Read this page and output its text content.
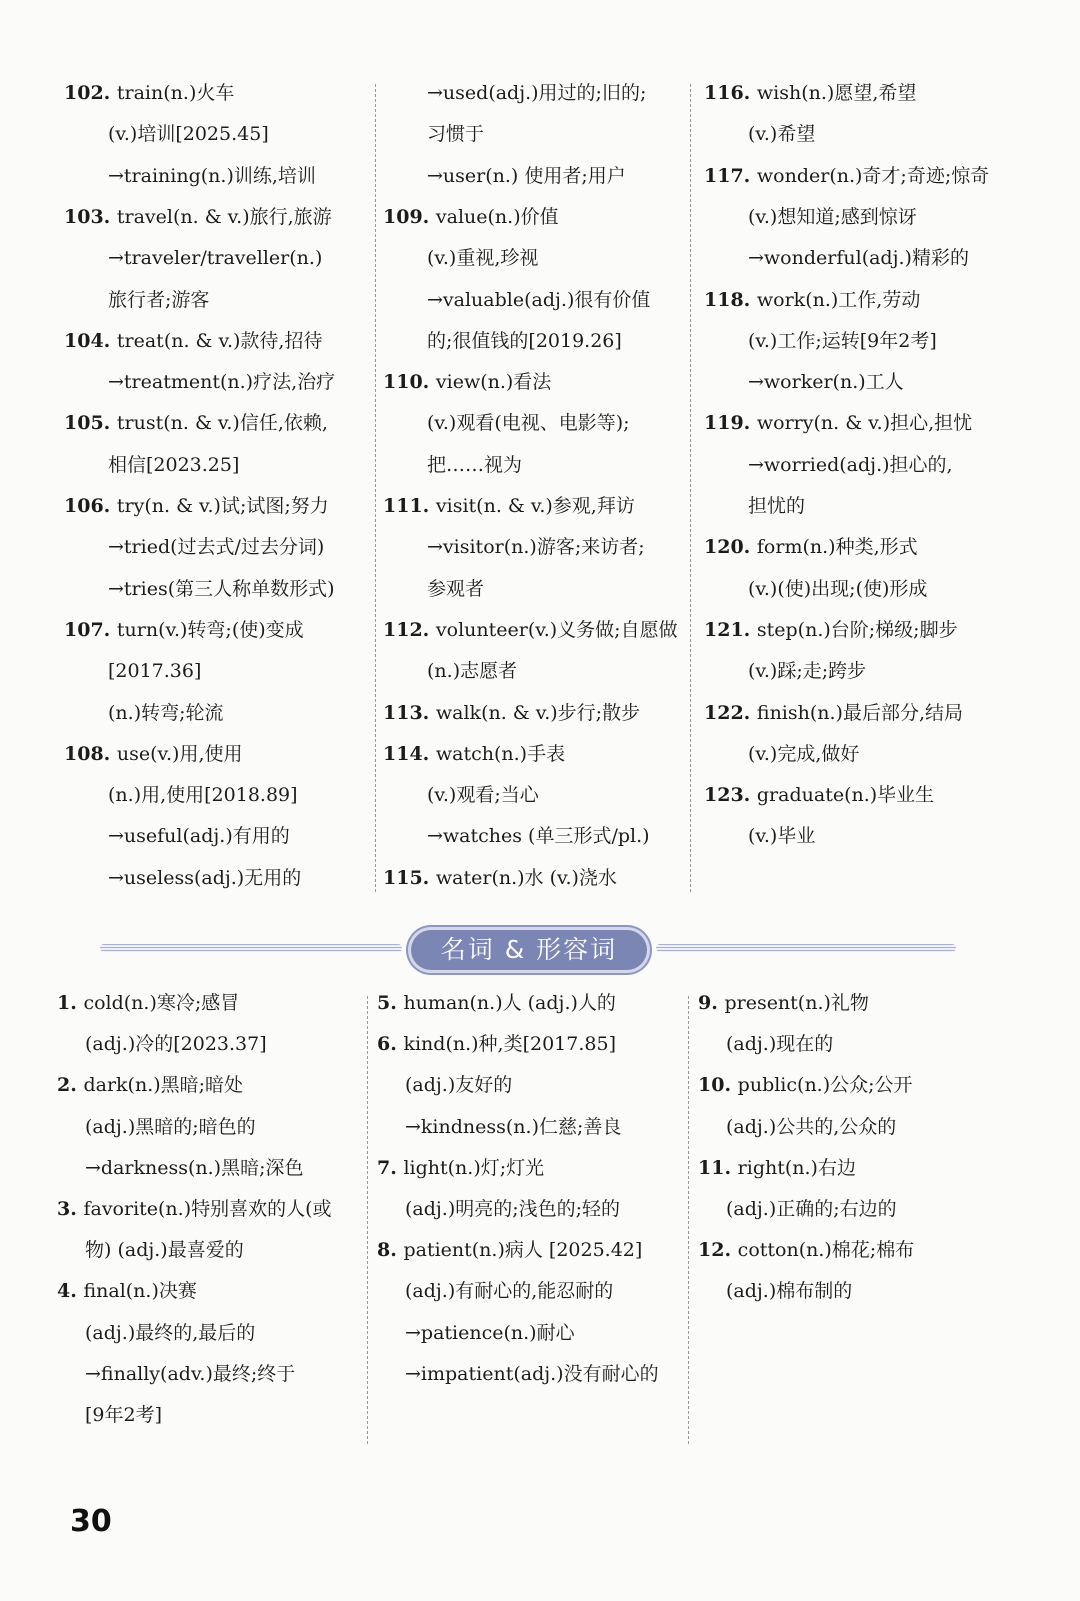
102. train(n.)火车
(v.)培训[2025.45]
→training(n.)训练,培训
103. travel(n. & v.)旅行,旅游
→traveler/traveller(n.)
旅行者;游客
104. treat(n. & v.)款待,招待
→treatment(n.)疗法,治疗
105. trust(n. & v.)信任,依赖,
相信[2023.25]
106. try(n. & v.)试;试图;努力
→tried(过去式/过去分词)
→tries(第三人称单数形式)
107. turn(v.)转弯;(使)变成
[2017.36]
(n.)转弯;轮流
108. use(v.)用,使用
(n.)用,使用[2018.89]
→useful(adj.)有用的
→useless(adj.)无用的
→used(adj.)用过的;旧的;
习惯于
→user(n.) 使用者;用户
109. value(n.)价值
(v.)重视,珍视
→valuable(adj.)很有价值
的;很值钱的[2019.26]
110. view(n.)看法
(v.)观看(电视、电影等);
把……视为
111. visit(n. & v.)参观,拜访
→visitor(n.)游客;来访者;
参观者
112. volunteer(v.)义务做;自愿做
(n.)志愿者
113. walk(n. & v.)步行;散步
114. watch(n.)手表
(v.)观看;当心
→watches (单三形式/pl.)
115. water(n.)水 (v.)浇水
116. wish(n.)愿望,希望
(v.)希望
117. wonder(n.)奇才;奇迹;惊奇
(v.)想知道;感到惊讶
→wonderful(adj.)精彩的
118. work(n.)工作,劳动
(v.)工作;运转[9年2考]
→worker(n.)工人
119. worry(n. & v.)担心,担忧
→worried(adj.)担心的,
担忧的
120. form(n.)种类,形式
(v.)(使)出现;(使)形成
121. step(n.)台阶;梯级;脚步
(v.)踩;走;跨步
122. finish(n.)最后部分,结局
(v.)完成,做好
123. graduate(n.)毕业生
(v.)毕业
名词 & 形容词
1. cold(n.)寒冷;感冒
(adj.)冷的[2023.37]
2. dark(n.)黑暗;暗处
(adj.)黑暗的;暗色的
→darkness(n.)黑暗;深色
3. favorite(n.)特别喜欢的人(或
物) (adj.)最喜爱的
4. final(n.)决赛
(adj.)最终的,最后的
→finally(adv.)最终;终于
[9年2考]
5. human(n.)人 (adj.)人的
6. kind(n.)种,类[2017.85]
(adj.)友好的
→kindness(n.)仁慈;善良
7. light(n.)灯;灯光
(adj.)明亮的;浅色的;轻的
8. patient(n.)病人 [2025.42]
(adj.)有耐心的,能忍耐的
→patience(n.)耐心
→impatient(adj.)没有耐心的
9. present(n.)礼物
(adj.)现在的
10. public(n.)公众;公开
(adj.)公共的,公众的
11. right(n.)右边
(adj.)正确的;右边的
12. cotton(n.)棉花;棉布
(adj.)棉布制的
30
